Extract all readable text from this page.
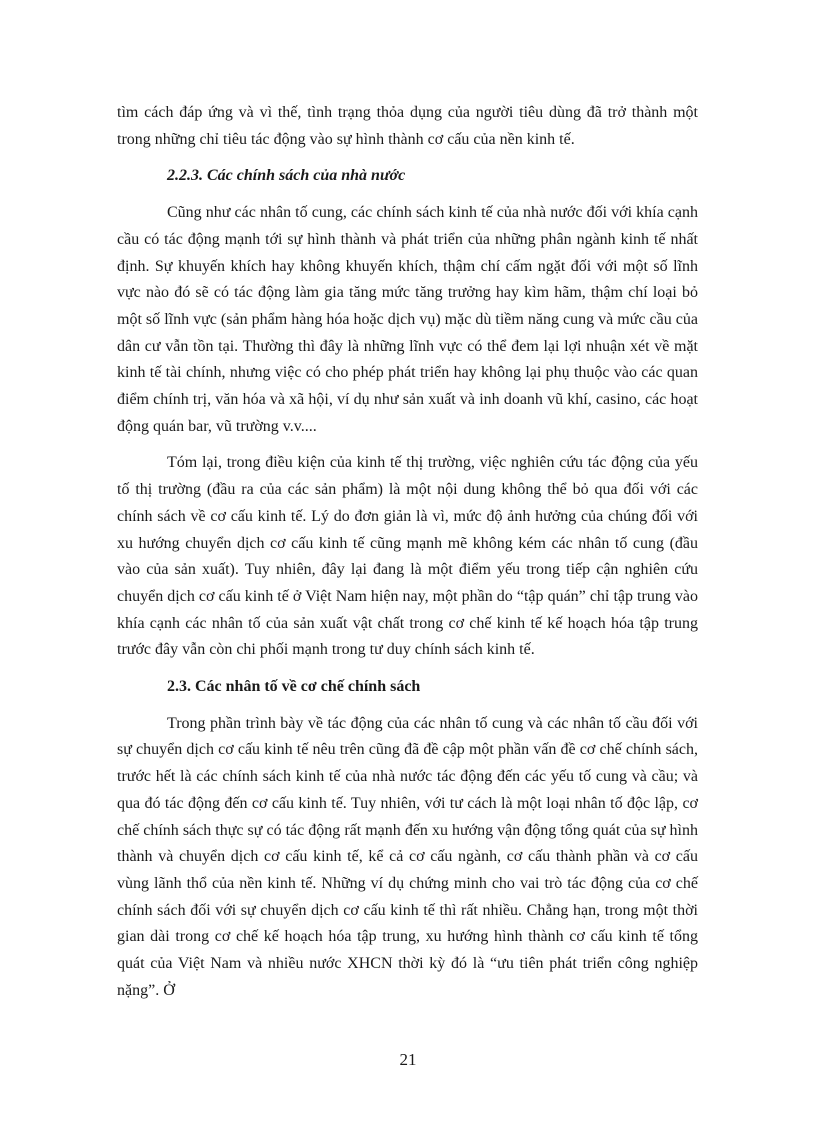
tìm cách đáp ứng và vì thế, tình trạng thỏa dụng của người tiêu dùng đã trở thành một trong những chỉ tiêu tác động vào sự hình thành cơ cấu của nền kinh tế.

2.2.3. Các chính sách của nhà nước

Cũng như các nhân tố cung, các chính sách kinh tế của nhà nước đối với khía cạnh cầu có tác động mạnh tới sự hình thành và phát triển của những phân ngành kinh tế nhất định. Sự khuyến khích hay không khuyến khích, thậm chí cấm ngặt đối với một số lĩnh vực nào đó sẽ có tác động làm gia tăng mức tăng trưởng hay kìm hãm, thậm chí loại bỏ một số lĩnh vực (sản phẩm hàng hóa hoặc dịch vụ) mặc dù tiềm năng cung và mức cầu của dân cư vẫn tồn tại. Thường thì đây là những lĩnh vực có thể đem lại lợi nhuận xét về mặt kinh tế tài chính, nhưng việc có cho phép phát triển hay không lại phụ thuộc vào các quan điểm chính trị, văn hóa và xã hội, ví dụ như sản xuất và inh doanh vũ khí, casino, các hoạt động quán bar, vũ trường v.v....

Tóm lại, trong điều kiện của kinh tế thị trường, việc nghiên cứu tác động của yếu tố thị trường (đầu ra của các sản phẩm) là một nội dung không thể bỏ qua đối với các chính sách về cơ cấu kinh tế. Lý do đơn giản là vì, mức độ ảnh hưởng của chúng đối với xu hướng chuyển dịch cơ cấu kinh tế cũng mạnh mẽ không kém các nhân tố cung (đầu vào của sản xuất). Tuy nhiên, đây lại đang là một điểm yếu trong tiếp cận nghiên cứu chuyển dịch cơ cấu kinh tế ở Việt Nam hiện nay, một phần do “tập quán” chỉ tập trung vào khía cạnh các nhân tố của sản xuất vật chất trong cơ chế kinh tế kế hoạch hóa tập trung trước đây vẫn còn chi phối mạnh trong tư duy chính sách kinh tế.

2.3. Các nhân tố về cơ chế chính sách

Trong phần trình bày về tác động của các nhân tố cung và các nhân tố cầu đối với sự chuyển dịch cơ cấu kinh tế nêu trên cũng đã đề cập một phần vấn đề cơ chế chính sách, trước hết là các chính sách kinh tế của nhà nước tác động đến các yếu tố cung và cầu; và qua đó tác động đến cơ cấu kinh tế. Tuy nhiên, với tư cách là một loại nhân tố độc lập, cơ chế chính sách thực sự có tác động rất mạnh đến xu hướng vận động tổng quát của sự hình thành và chuyển dịch cơ cấu kinh tế, kể cả cơ cấu ngành, cơ cấu thành phần và cơ cấu vùng lãnh thổ của nền kinh tế. Những ví dụ chứng minh cho vai trò tác động của cơ chế chính sách đối với sự chuyển dịch cơ cấu kinh tế thì rất nhiều. Chẳng hạn, trong một thời gian dài trong cơ chế kế hoạch hóa tập trung, xu hướng hình thành cơ cấu kinh tế tổng quát của Việt Nam và nhiều nước XHCN thời kỳ đó là “ưu tiên phát triển công nghiệp nặng”. Ở

21
